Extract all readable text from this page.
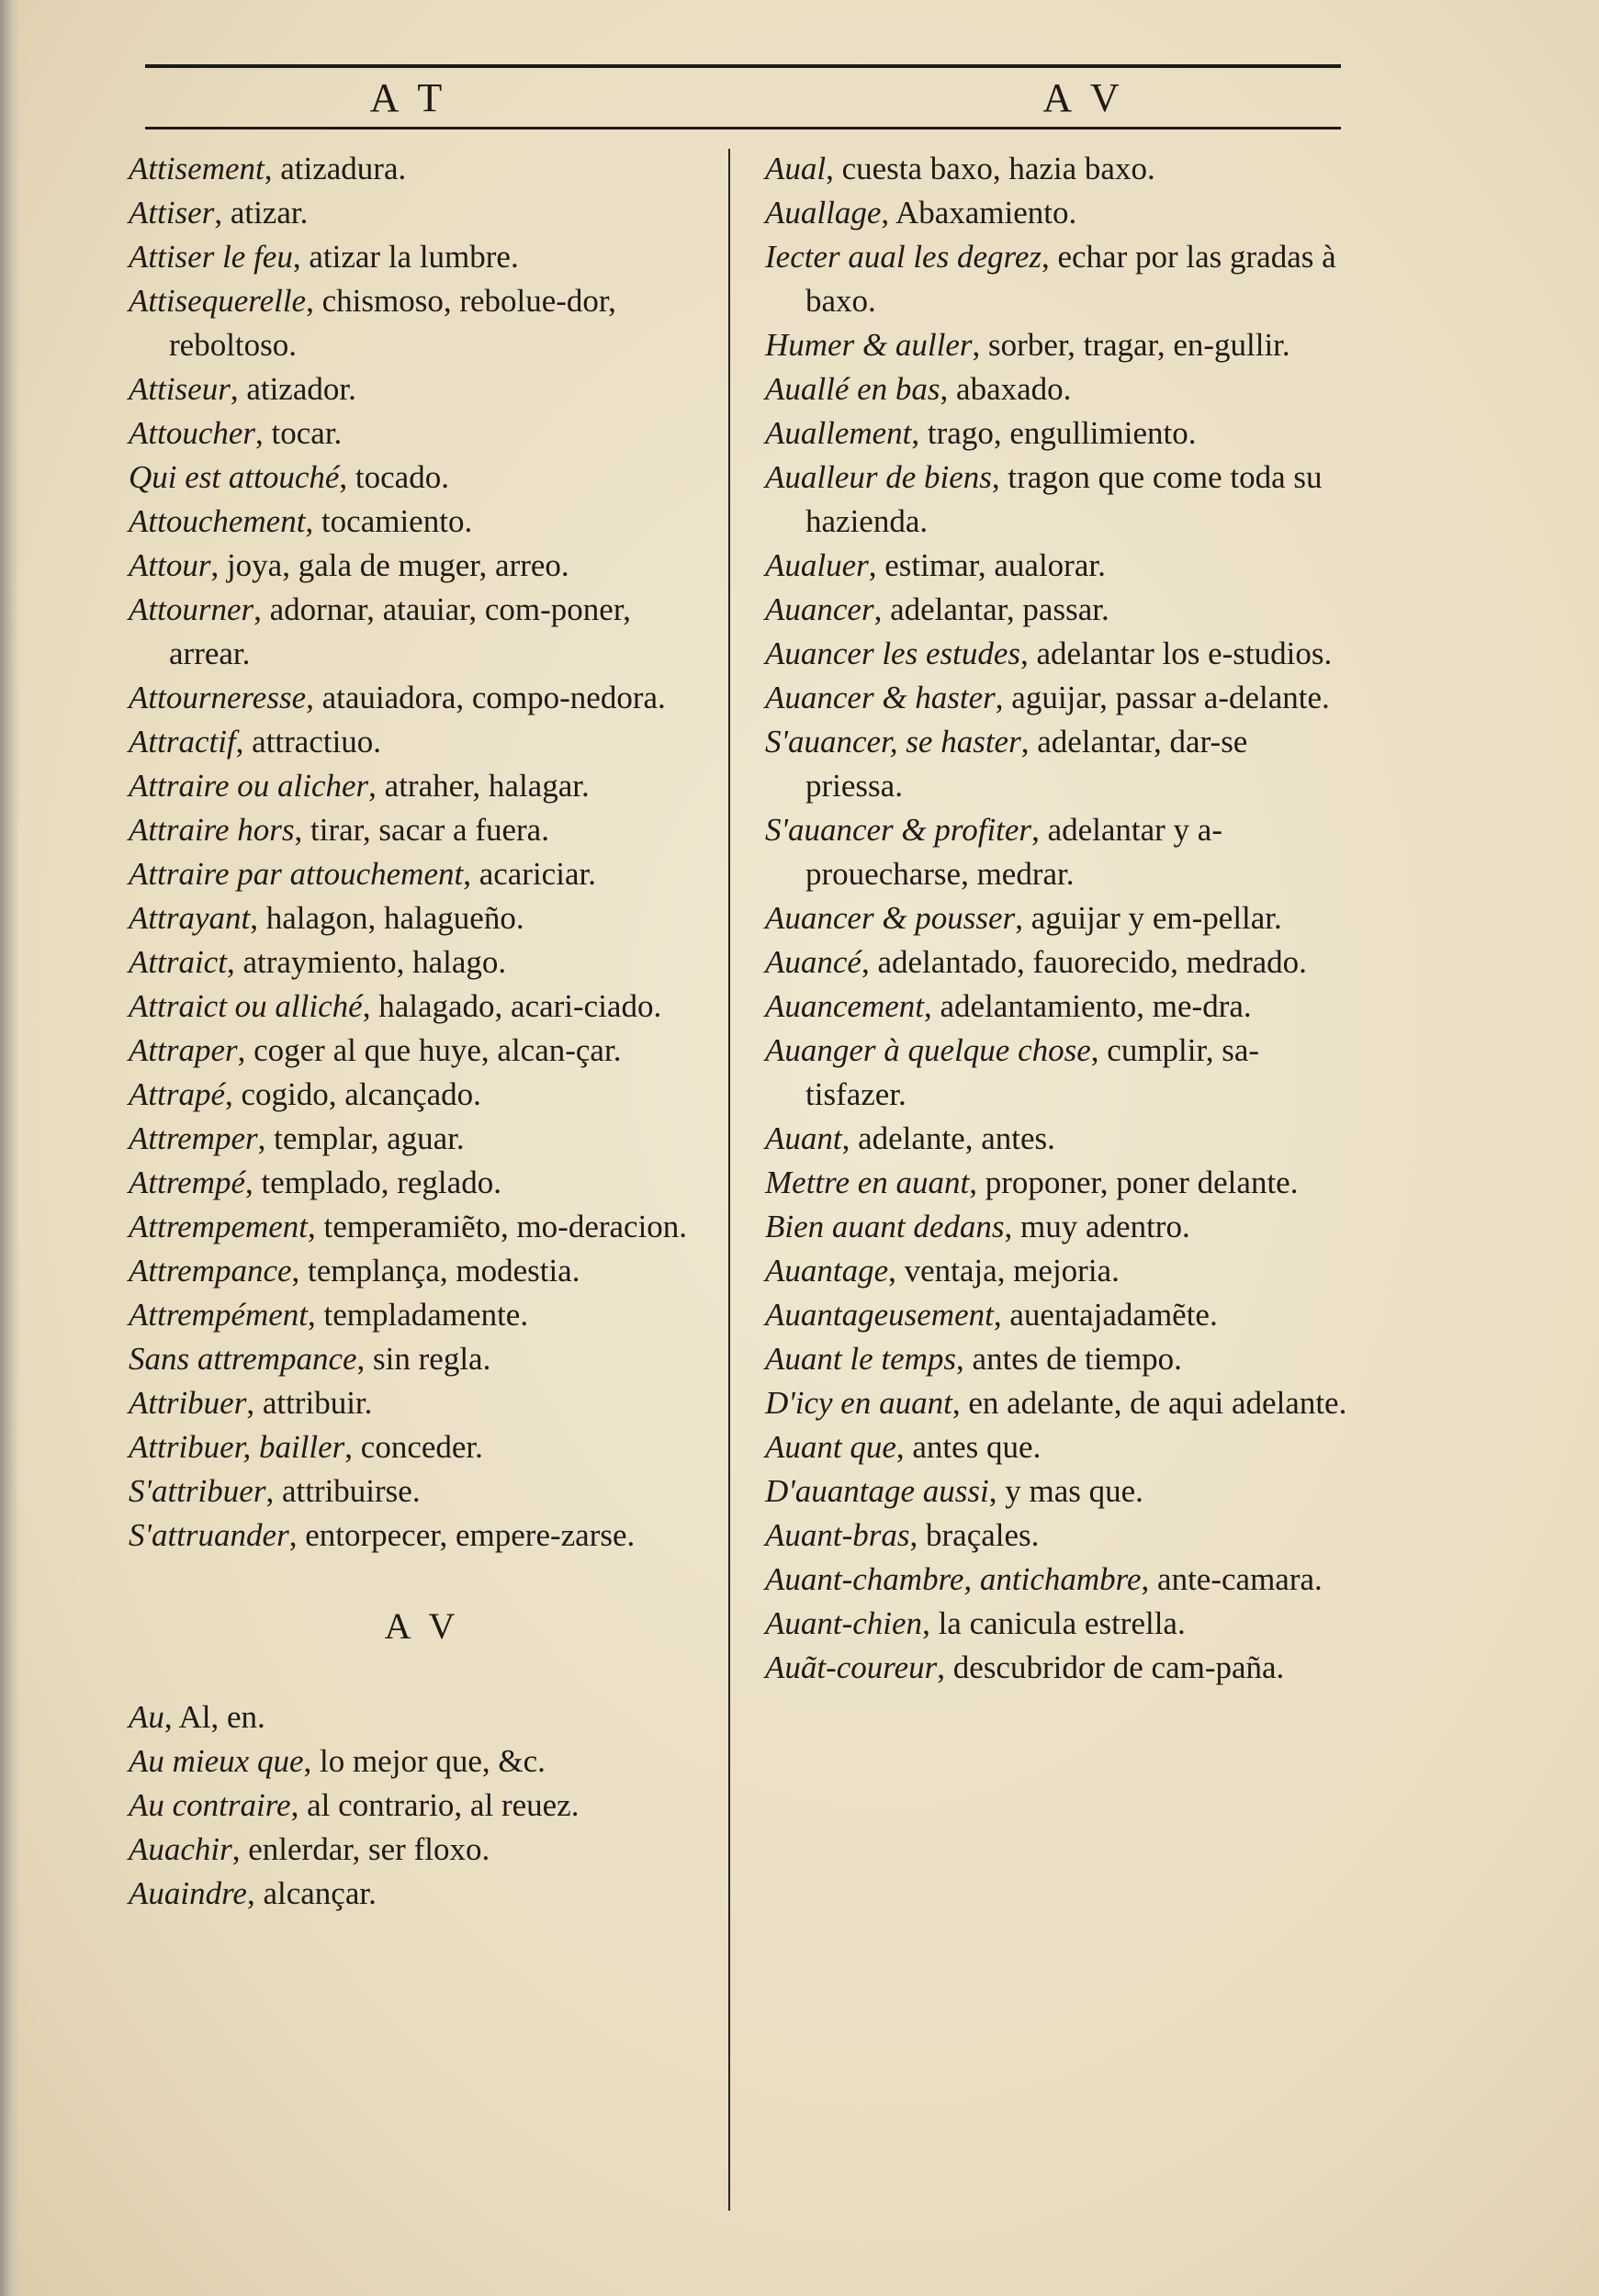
A T	A V
Attisement, atizadura.
Attiser, atizar.
Attiser le feu, atizar la lumbre.
Attisequerelle, chismoso, rebolue-dor, reboltoso.
Attiseur, atizador.
Attoucher, tocar.
Qui est attouché, tocado.
Attouchement, tocamiento.
Attour, joya, gala de muger, arreo.
Attourner, adornar, atauiar, com-poner, arrear.
Attourneresse, atauiadora, compo-nedora.
Attractif, attractiuo.
Attraire ou alicher, atraher, halagar.
Attraire hors, tirar, sacar a fuera.
Attraire par attouchement, acariciar.
Attrayant, halagon, halagueño.
Attraict, atraymiento, halago.
Attraict ou alliché, halagado, acari-ciado.
Attraper, coger al que huye, alcan-çar.
Attrapé, cogido, alcançado.
Attremper, templar, aguar.
Attrempé, templado, reglado.
Attrempement, temperamiẽto, mo-deracion.
Attrempance, templança, modestia.
Attrempément, templadamente.
Sans attrempance, sin regla.
Attribuer, attribuir.
Attribuer, bailler, conceder.
S'attribuer, attribuirse.
S'attruander, entorpecer, empere-zarse.
A V
Au, Al, en.
Au mieux que, lo mejor que, &c.
Au contraire, al contrario, al reuez.
Auachir, enlerdar, ser floxo.
Auaindre, alcançar.
Aual, cuesta baxo, hazia baxo.
Auallage, Abaxamiento.
Iecter aual les degrez, echar por las gradas à baxo.
Humer & auller, sorber, tragar, en-gullir.
Auallé en bas, abaxado.
Auallement, trago, engullimiento.
Aualleur de biens, tragon que come toda su hazienda.
Aualuer, estimar, aualorar.
Auancer, adelantar, passar.
Auancer les estudes, adelantar los e-studios.
Auancer & haster, aguijar, passar a-delante.
S'auancer, se haster, adelantar, dar-se priessa.
S'auancer & profiter, adelantar y a-prouecharse, medrar.
Auancer & pousser, aguijar y em-pellar.
Auancé, adelantado, fauorecido, medrado.
Auancement, adelantamiento, me-dra.
Auanger à quelque chose, cumplir, sa-tisfazer.
Auant, adelante, antes.
Mettre en auant, proponer, poner delante.
Bien auant dedans, muy adentro.
Auantage, ventaja, mejoria.
Auantageusement, auentajadamẽte.
Auant le temps, antes de tiempo.
D'icy en auant, en adelante, de aqui adelante.
Auant que, antes que.
D'auantage aussi, y mas que.
Auant-bras, braçales.
Auant-chambre, antichambre, ante-camara.
Auant-chien, la canicula estrella.
Auãt-coureur, descubridor de cam-paña.
